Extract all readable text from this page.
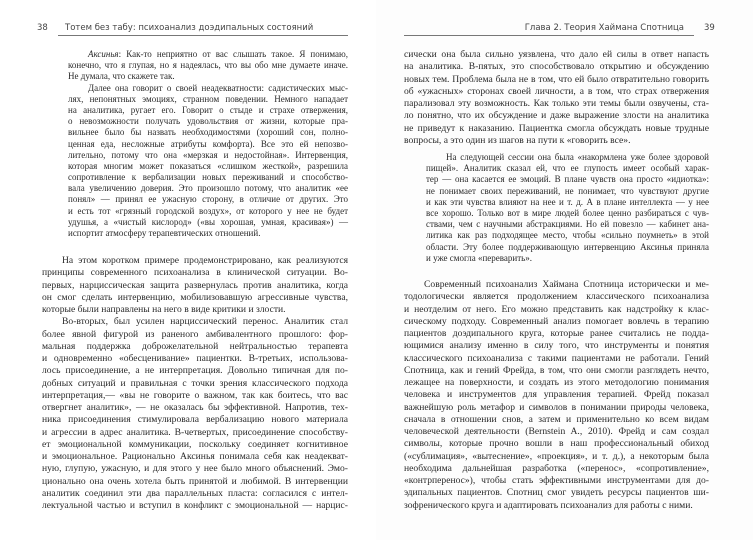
38 Тотем без табу: психоанализ доэдипальных состояний
Аксинья: Как-то неприятно от вас слышать такое. Я понимаю,
конечно, что я глупая, но я надеялась, что вы обо мне думаете иначе.
Не думала, что скажете так.
Далее она говорит о своей неадекватности: садистических мыс-
лях, непонятных эмоциях, странном поведении. Немного нападает
на аналитика, ругает его. Говорит о стыде и страхе отвержения,
о невозможности получать удовольствия от жизни, которые пра-
вильнее было бы назвать необходимостями (хороший сон, полно-
ценная еда, несложные атрибуты комфорта). Все это ей непозво-
лительно, потому что она «мерзкая и недостойная». Интервенция,
которая многим может показаться «слишком жесткой», разрешила
сопротивление к вербализации новых переживаний и способство-
вала увеличению доверия. Это произошло потому, что аналитик «ее
понял» — принял ее ужасную сторону, в отличие от других. Это
и есть тот «грязный городской воздух», от которого у нее не будет
удушья, а «чистый кислород» («вы хорошая, умная, красивая») —
испортит атмосферу терапевтических отношений.
На этом коротком примере продемонстрировано, как реализуются
принципы современного психоанализа в клинической ситуации. Во-
первых, нарциссическая защита развернулась против аналитика, когда
он смог сделать интервенцию, мобилизовавшую агрессивные чувства,
которые были направлены на него в виде критики и злости.
Во-вторых, был усилен нарциссический перенос. Аналитик стал
более явной фигурой из раненого амбивалентного прошлого: фор-
мальная поддержка доброжелательной нейтральностью терапевта
и одновременно «обесценивание» пациентки. В-третьих, использова-
лось присоединение, а не интерпретация. Довольно типичная для по-
добных ситуаций и правильная с точки зрения классического подхода
интерпретация,— «вы не говорите о важном, так как боитесь, что вас
отвергнет аналитик», — не оказалась бы эффективной. Напротив, тех-
ника присоединения стимулировала вербализацию нового материала
и агрессии в адрес аналитика. В-четвертых, присоединение способству-
ет эмоциональной коммуникации, поскольку соединяет когнитивное
и эмоциональное. Рационально Аксинья понимала себя как неадекват-
ную, глупую, ужасную, и для этого у нее было много объяснений. Эмо-
ционально она очень хотела быть принятой и любимой. В интервенции
аналитик соединил эти два параллельных пласта: согласился с интел-
лектуальной частью и вступил в конфликт с эмоциональной — нарцис-
Глава 2. Теория Хаймана Спотница 39
сически она была сильно уязвлена, что дало ей силы в ответ напасть
на аналитика. В-пятых, это способствовало открытию и обсуждению
новых тем. Проблема была не в том, что ей было отвратительно говорить
об «ужасных» сторонах своей личности, а в том, что страх отвержения
парализовал эту возможность. Как только эти темы были озвучены, ста-
ло понятно, что их обсуждение и даже выражение злости на аналитика
не приведут к наказанию. Пациентка смогла обсуждать новые трудные
вопросы, а это один из шагов на пути к «говорить все».
На следующей сессии она была «накормлена уже более здоровой
пищей». Аналитик сказал ей, что ее глупость имеет особый харак-
тер — она касается ее эмоций. В плане чувств она просто «идиотка»:
не понимает своих переживаний, не понимает, что чувствуют другие
и как эти чувства влияют на нее и т. д. А в плане интеллекта — у нее
все хорошо. Только вот в мире людей более ценно разбираться с чув-
ствами, чем с научными абстракциями. Но ей повезло — кабинет ана-
литика как раз подходящее место, чтобы «сильно поумнеть» в этой
области. Эту более поддерживающую интервенцию Аксинья приняла
и уже смогла «переварить».
Современный психоанализ Хаймана Спотница исторически и ме-
тодологически является продолжением классического психоанализа
и неотделим от него. Его можно представить как надстройку к клас-
сическому подходу. Современный анализ помогает вовлечь в терапию
пациентов доэдипального круга, которые ранее считались не подда-
ющимися анализу именно в силу того, что инструменты и понятия
классического психоанализа с такими пациентами не работали. Гений
Спотница, как и гений Фрейда, в том, что они смогли разглядеть нечто,
лежащее на поверхности, и создать из этого методологию понимания
человека и инструментов для управления терапией. Фрейд показал
важнейшую роль метафор и символов в понимании природы человека,
сначала в отношении снов, а затем и применительно ко всем видам
человеческой деятельности (Bernstein A., 2010). Фрейд и сам создал
символы, которые прочно вошли в наш профессиональный обиход
(«сублимация», «вытеснение», «проекция», и т. д.), а некоторым была
необходима дальнейшая разработка («перенос», «сопротивление»,
«контрперенос»), чтобы стать эффективными инструментами для до-
эдипальных пациентов. Спотниц смог увидеть ресурсы пациентов ши-
зофренического круга и адаптировать психоанализ для работы с ними.
